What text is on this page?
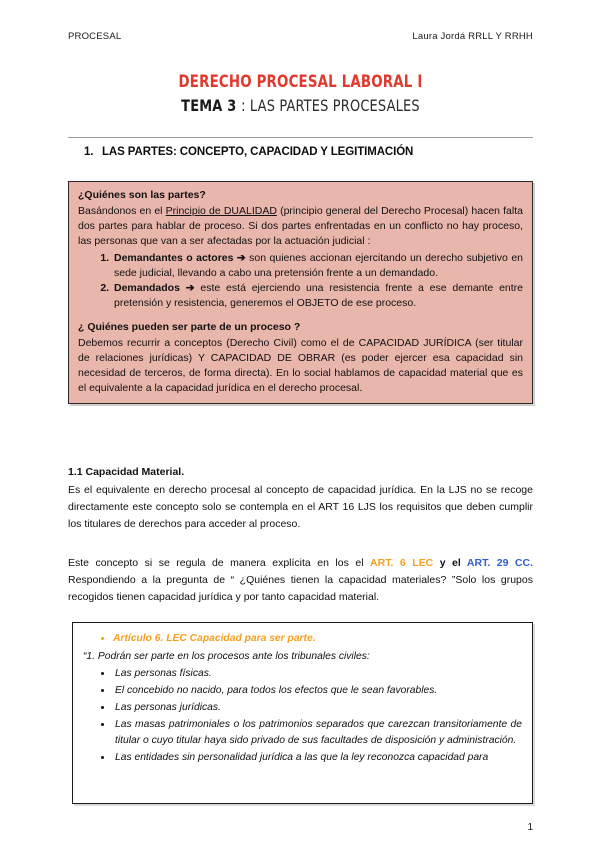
PROCESAL	Laura Jordá RRLL Y RRHH
DERECHO PROCESAL LABORAL I
TEMA 3 : LAS PARTES PROCESALES
1. LAS PARTES: CONCEPTO, CAPACIDAD Y LEGITIMACIÓN
¿Quiénes son las partes?

Basándonos en el Principio de DUALIDAD (principio general del Derecho Procesal) hacen falta dos partes para hablar de proceso. Si dos partes enfrentadas en un conflicto no hay proceso, las personas que van a ser afectadas por la actuación judicial :

1. Demandantes o actores ➔ son quienes accionan ejercitando un derecho subjetivo en sede judicial, llevando a cabo una pretensión frente a un demandado.
2. Demandados ➔ este está ejerciendo una resistencia frente a ese demante entre pretensión y resistencia, generemos el OBJETO de ese proceso.
¿ Quiénes pueden ser parte de un proceso ?

Debemos recurrir a conceptos (Derecho Civil) como el de CAPACIDAD JURÍDICA (ser titular de relaciones jurídicas) Y CAPACIDAD DE OBRAR (es poder ejercer esa capacidad sin necesidad de terceros, de forma directa). En lo social hablamos de capacidad material que es el equivalente a la capacidad jurídica en el derecho procesal.

1.1 Capacidad Material.
Es el equivalente en derecho procesal al concepto de capacidad jurídica. En la LJS no se recoge directamente este concepto solo se contempla en el ART 16 LJS los requisitos que deben cumplir los titulares de derechos para acceder al proceso.
Este concepto si se regula de manera explícita en los el ART. 6 LEC y el ART. 29 CC. Respondiendo a la pregunta de “ ¿Quiénes tienen la capacidad materiales? ”Solo los grupos recogidos tienen capacidad jurídica y por tanto capacidad material.
• Artículo 6. LEC Capacidad para ser parte.

“1. Podrán ser parte en los procesos ante los tribunales civiles:

• Las personas físicas.
• El concebido no nacido, para todos los efectos que le sean favorables.
• Las personas jurídicas.
• Las masas patrimoniales o los patrimonios separados que carezcan transitoriamente de titular o cuyo titular haya sido privado de sus facultades de disposición y administración.
• Las entidades sin personalidad jurídica a las que la ley reconozca capacidad para
1
